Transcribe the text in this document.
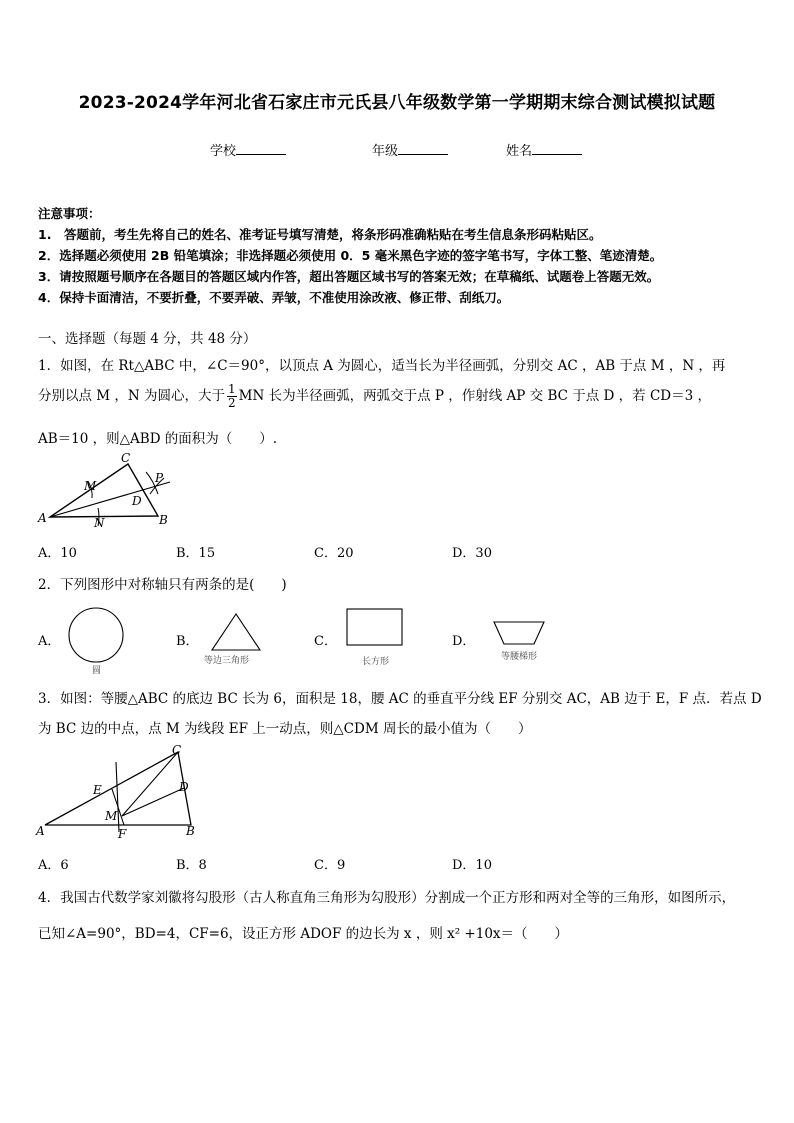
2023-2024学年河北省石家庄市元氏县八年级数学第一学期期末综合测试模拟试题
学校	年级	姓名
注意事项：
1.　答题前，考生先将自己的姓名、准考证号填写清楚，将条形码准确粘贴在考生信息条形码粘贴区。
2．选择题必须使用 2B 铅笔填涂；非选择题必须使用 0．5 毫米黑色字迹的签字笔书写，字体工整、笔迹清楚。
3．请按照题号顺序在各题目的答题区域内作答，超出答题区域书写的答案无效；在草稿纸、试题卷上答题无效。
4．保持卡面清洁，不要折叠，不要弄破、弄皱，不准使用涂改液、修正带、刮纸刀。
一、选择题（每题 4 分，共 48 分）
1．如图，在 Rt△ABC 中，∠C＝90°，以顶点 A 为圆心，适当长为半径画弧，分别交 AC ，AB 于点 M ，N ，再
分别以点 M ，N 为圆心，大于 $\frac{1}{2}$ MN 长为半径画弧，两弧交于点 P ，作射线 AP 交 BC 于点 D ，若 CD＝3 ，
AB＝10 ，则△ABD 的面积为（　　）.
A	B
C
D
M
N
P
A．10	B．15	C．20	D．30
2．下列图形中对称轴只有两条的是(　　)
A．
圆
B．
等边三角形
C．
长方形
D．
等腰梯形
3．如图：等腰△ABC 的底边 BC 长为 6，面积是 18，腰 AC 的垂直平分线 EF 分别交 AC，AB 边于 E，F 点．若点 D
为 BC 边的中点，点 M 为线段 EF 上一动点，则△CDM 周长的最小值为（　　）
A	B
C
D
E
F
M
A．6	B．8	C．9	D．10
4．我国古代数学家刘徽将勾股形（古人称直角三角形为勾股形）分割成一个正方形和两对全等的三角形，如图所示，
已知∠A=90°，BD=4，CF=6，设正方形 ADOF 的边长为 x ，则 x² +10x＝（　　）
